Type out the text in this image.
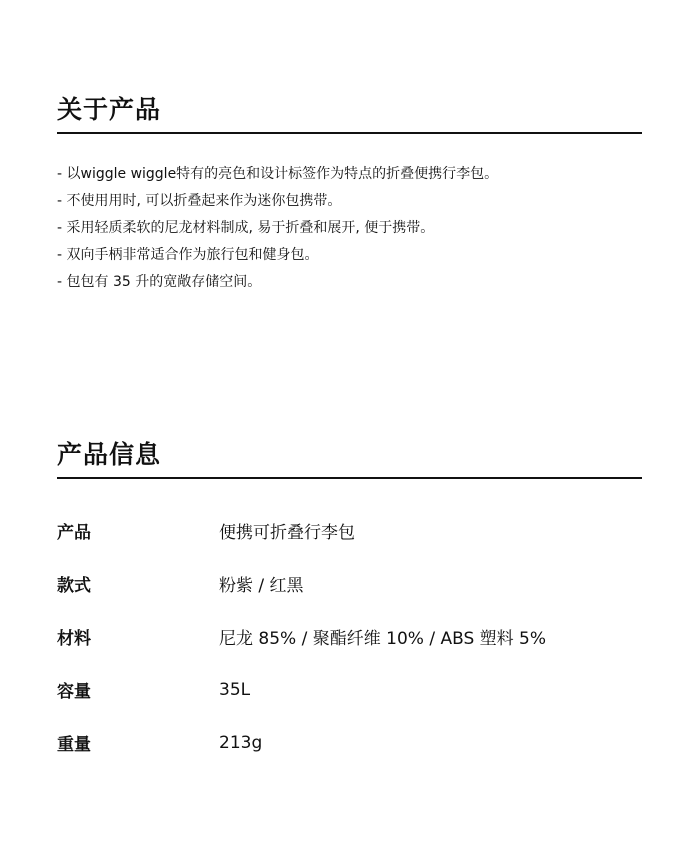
关于产品
- 以wiggle wiggle特有的亮色和设计标签作为特点的折叠便携行李包。
- 不使用用时, 可以折叠起来作为迷你包携带。
- 采用轻质柔软的尼龙材料制成, 易于折叠和展开, 便于携带。
- 双向手柄非常适合作为旅行包和健身包。
- 包包有 35 升的宽敞存储空间。
产品信息
产品	便携可折叠行李包
款式	粉紫 / 红黑
材料	尼龙 85% / 聚酯纤维 10% / ABS 塑料 5%
容量	35L
重量	213g
